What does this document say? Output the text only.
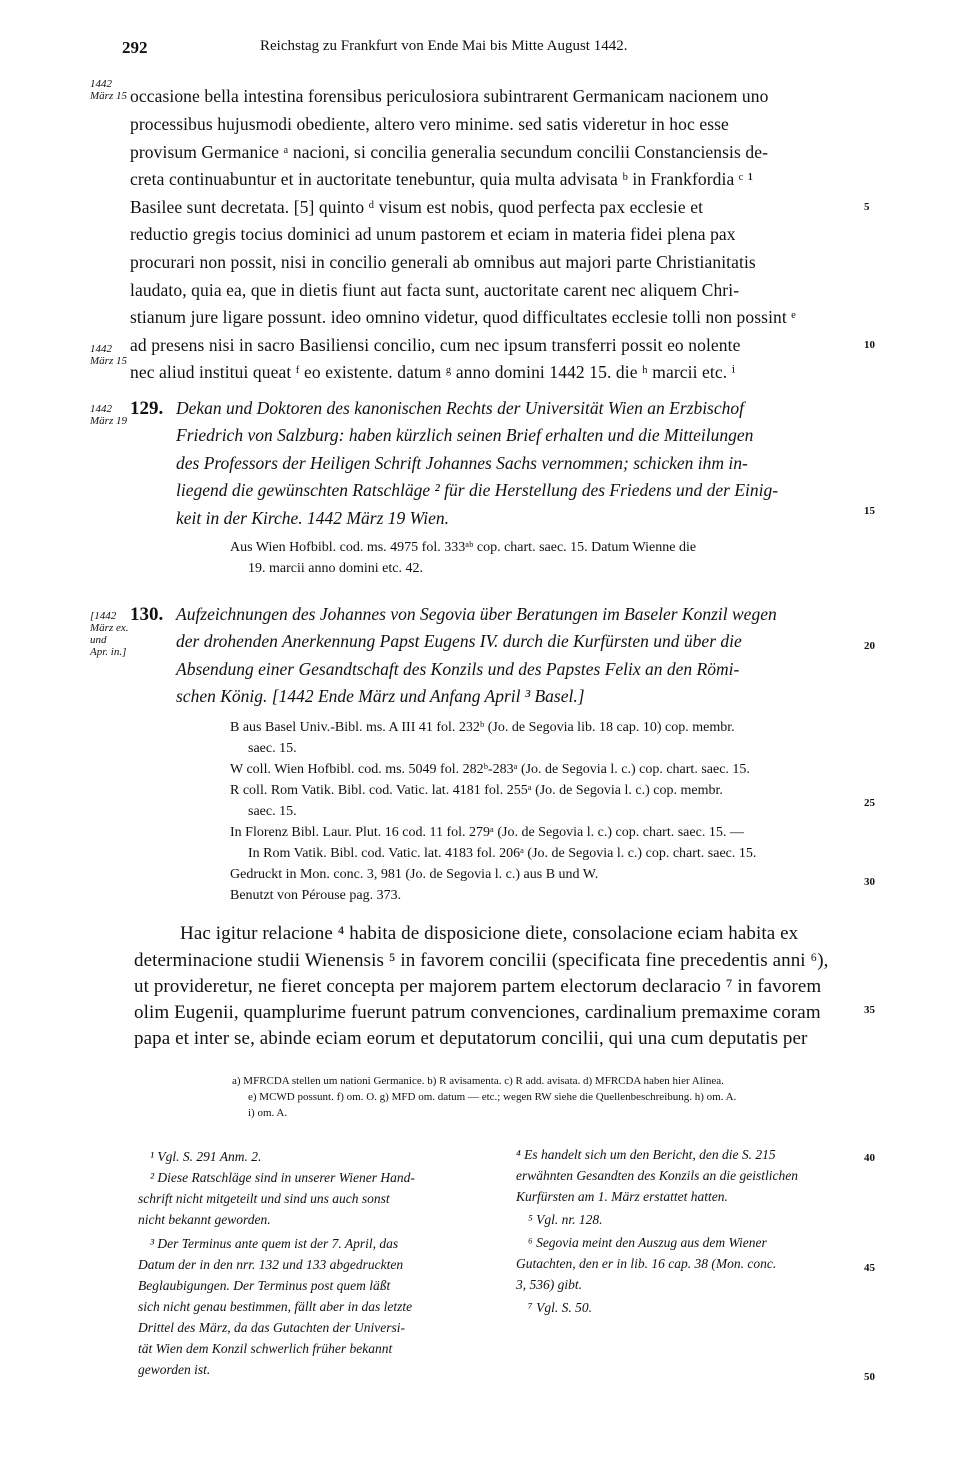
292	Reichstag zu Frankfurt von Ende Mai bis Mitte August 1442.
1442
März 15
1442
März 15
1442
März 19
[1442
März ex.
und
Apr. in.]
occasione bella intestina forensibus periculosiora subintrarent Germanicam nacionem uno
processibus hujusmodi obediente, altero vero minime. sed satis videretur in hoc esse
provisum Germanice ᵃ nacioni, si concilia generalia secundum concilii Constanciensis de-
creta continuabuntur et in auctoritate tenebuntur, quia multa advisata ᵇ in Frankfordia ᶜ ¹
Basilee sunt decretata. [5] quinto ᵈ visum est nobis, quod perfecta pax ecclesie et
reductio gregis tocius dominici ad unum pastorem et eciam in materia fidei plena pax
procurari non possit, nisi in concilio generali ab omnibus aut majori parte Christianitatis
laudato, quia ea, que in dietis fiunt aut facta sunt, auctoritate carent nec aliquem Chri-
stianum jure ligare possunt. ideo omnino videtur, quod difficultates ecclesie tolli non possint ᵉ
ad presens nisi in sacro Basiliensi concilio, cum nec ipsum transferri possit eo nolente
nec aliud institui queat ᶠ eo existente. datum ᵍ anno domini 1442 15. die ʰ marcii etc. ⁱ
5
10
15
20
25
30
35
40
45
50
129. Dekan und Doktoren des kanonischen Rechts der Universität Wien an Erzbischof
Friedrich von Salzburg: haben kürzlich seinen Brief erhalten und die Mitteilungen
des Professors der Heiligen Schrift Johannes Sachs vernommen; schicken ihm in-
liegend die gewünschten Ratschläge ² für die Herstellung des Friedens und der Einig-
keit in der Kirche. 1442 März 19 Wien.
Aus Wien Hofbibl. cod. ms. 4975 fol. 333ᵃᵇ cop. chart. saec. 15. Datum Wienne die
19. marcii anno domini etc. 42.
130. Aufzeichnungen des Johannes von Segovia über Beratungen im Baseler Konzil wegen
der drohenden Anerkennung Papst Eugens IV. durch die Kurfürsten und über die
Absendung einer Gesandtschaft des Konzils und des Papstes Felix an den Römi-
schen König. [1442 Ende März und Anfang April ³ Basel.]
B aus Basel Univ.-Bibl. ms. A III 41 fol. 232ᵇ (Jo. de Segovia lib. 18 cap. 10) cop. membr.
saec. 15.
W coll. Wien Hofbibl. cod. ms. 5049 fol. 282ᵇ-283ᵃ (Jo. de Segovia l. c.) cop. chart. saec. 15.
R coll. Rom Vatik. Bibl. cod. Vatic. lat. 4181 fol. 255ᵃ (Jo. de Segovia l. c.) cop. membr.
saec. 15.
In Florenz Bibl. Laur. Plut. 16 cod. 11 fol. 279ᵃ (Jo. de Segovia l. c.) cop. chart. saec. 15. —
In Rom Vatik. Bibl. cod. Vatic. lat. 4183 fol. 206ᵃ (Jo. de Segovia l. c.) cop. chart. saec. 15.
Gedruckt in Mon. conc. 3, 981 (Jo. de Segovia l. c.) aus B und W.
Benutzt von Pérouse pag. 373.
Hac igitur relacione ⁴ habita de disposicione diete, consolacione eciam habita ex
determinacione studii Wienensis ⁵ in favorem concilii (specificata fine precedentis anni ⁶),
ut provideretur, ne fieret concepta per majorem partem electorum declaracio ⁷ in favorem
olim Eugenii, quamplurime fuerunt patrum convenciones, cardinalium premaxime coram
papa et inter se, abinde eciam eorum et deputatorum concilii, qui una cum deputatis per
a) MFRCDA stellen um nationi Germanice. b) R avisamenta. c) R add. avisata. d) MFRCDA haben hier Alinea.
e) MCWD possunt. f) om. O. g) MFD om. datum — etc.; wegen RW siehe die Quellenbeschreibung. h) om. A.
i) om. A.
¹ Vgl. S. 291 Anm. 2.
² Diese Ratschläge sind in unserer Wiener Hand-
schrift nicht mitgeteilt und sind uns auch sonst
nicht bekannt geworden.
³ Der Terminus ante quem ist der 7. April, das
Datum der in den nrr. 132 und 133 abgedruckten
Beglaubigungen. Der Terminus post quem läßt
sich nicht genau bestimmen, fällt aber in das letzte
Drittel des März, da das Gutachten der Universi-
tät Wien dem Konzil schwerlich früher bekannt
geworden ist.
⁴ Es handelt sich um den Bericht, den die S. 215
erwähnten Gesandten des Konzils an die geistlichen
Kurfürsten am 1. März erstattet hatten.
⁵ Vgl. nr. 128.
⁶ Segovia meint den Auszug aus dem Wiener
Gutachten, den er in lib. 16 cap. 38 (Mon. conc.
3, 536) gibt.
⁷ Vgl. S. 50.
